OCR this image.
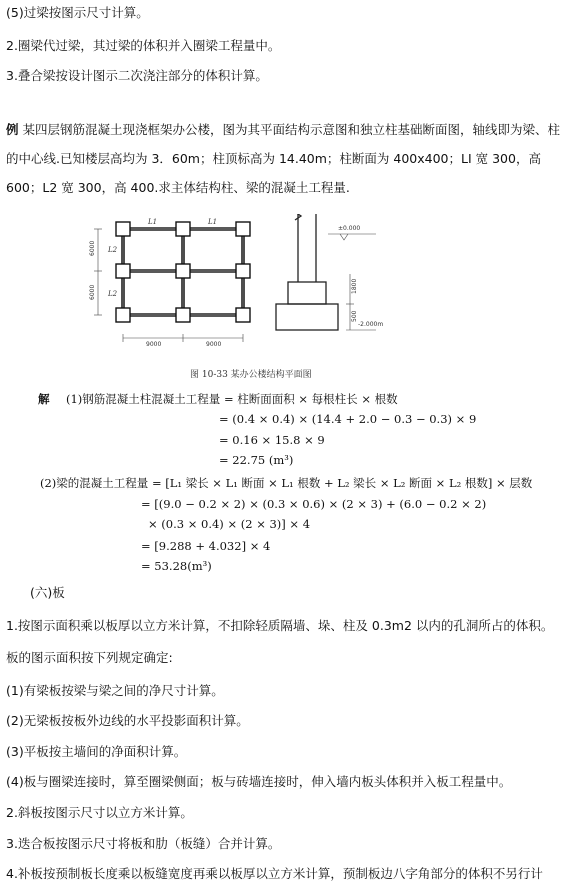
(5)过梁按图示尺寸计算。
2.圈梁代过梁，其过梁的体积并入圈梁工程量中。
3.叠合梁按设计图示二次浇注部分的体积计算。
例 某四层钢筋混凝土现浇框架办公楼，图为其平面结构示意图和独立柱基础断面图，轴线即为梁、柱的中心线.已知楼层高均为 3．60m；柱顶标高为 14.40m；柱断面为 400x400；LI 宽 300，高 600；L2 宽 300，高 400.求主体结构柱、梁的混凝土工程量.
L1	L1
L2
L2
9000	9000
6000
6000
±0.000
-2.000m
1800
500
图 10-33 某办公楼结构平面图
解 (1)钢筋混凝土柱混凝土工程量 = 柱断面面积 × 每根柱长 × 根数
= (0.4 × 0.4) × (14.4 + 2.0 − 0.3 − 0.3) × 9
= 0.16 × 15.8 × 9
= 22.75 (m³)
(2)梁的混凝土工程量 = [L₁ 梁长 × L₁ 断面 × L₁ 根数 + L₂ 梁长 × L₂ 断面 × L₂ 根数] × 层数
= [(9.0 − 0.2 × 2) × (0.3 × 0.6) × (2 × 3) + (6.0 − 0.2 × 2)
× (0.3 × 0.4) × (2 × 3)] × 4
= [9.288 + 4.032] × 4
= 53.28(m³)
(六)板
1.按图示面积乘以板厚以立方米计算，不扣除轻质隔墙、垛、柱及 0.3m2 以内的孔洞所占的体积。
板的图示面积按下列规定确定:
(1)有梁板按梁与梁之间的净尺寸计算。
(2)无梁板按板外边线的水平投影面积计算。
(3)平板按主墙间的净面积计算。
(4)板与圈梁连接时，算至圈梁侧面；板与砖墙连接时，伸入墙内板头体积并入板工程量中。
2.斜板按图示尺寸以立方米计算。
3.迭合板按图示尺寸将板和肋（板缝）合并计算。
4.补板按预制板长度乘以板缝宽度再乘以板厚以立方米计算，预制板边八字角部分的体积不另行计
